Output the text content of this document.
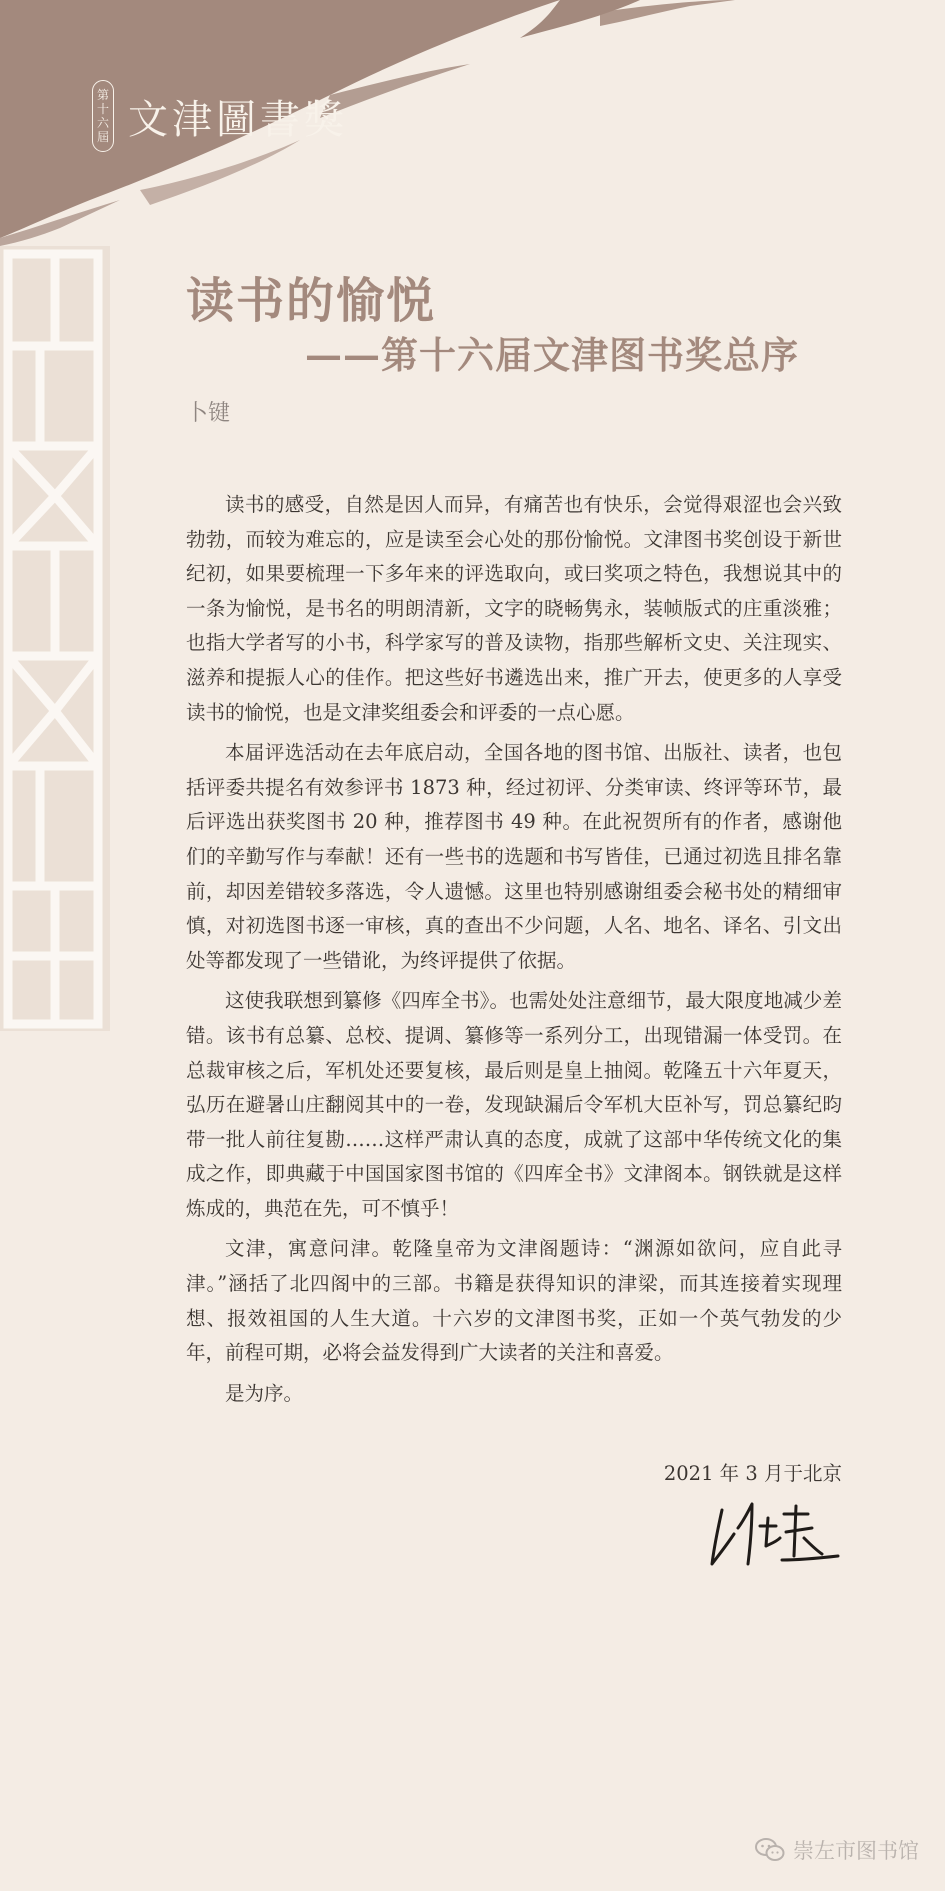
第
十
六
屆 文津圖書獎
读书的愉悦
——第十六届文津图书奖总序
卜键

读书的感受，自然是因人而异，有痛苦也有快乐，会觉得艰涩也会兴致勃勃，而较为难忘的，应是读至会心处的那份愉悦。文津图书奖创设于新世纪初，如果要梳理一下多年来的评选取向，或曰奖项之特色，我想说其中的一条为愉悦，是书名的明朗清新，文字的晓畅隽永，装帧版式的庄重淡雅；也指大学者写的小书，科学家写的普及读物，指那些解析文史、关注现实、滋养和提振人心的佳作。把这些好书遴选出来，推广开去，使更多的人享受读书的愉悦，也是文津奖组委会和评委的一点心愿。

本届评选活动在去年底启动，全国各地的图书馆、出版社、读者，也包括评委共提名有效参评书 1873 种，经过初评、分类审读、终评等环节，最后评选出获奖图书 20 种，推荐图书 49 种。在此祝贺所有的作者，感谢他们的辛勤写作与奉献！还有一些书的选题和书写皆佳，已通过初选且排名靠前，却因差错较多落选，令人遗憾。这里也特别感谢组委会秘书处的精细审慎，对初选图书逐一审核，真的查出不少问题，人名、地名、译名、引文出处等都发现了一些错讹，为终评提供了依据。

这使我联想到纂修《四库全书》。也需处处注意细节，最大限度地减少差错。该书有总纂、总校、提调、纂修等一系列分工，出现错漏一体受罚。在总裁审核之后，军机处还要复核，最后则是皇上抽阅。乾隆五十六年夏天，弘历在避暑山庄翻阅其中的一卷，发现缺漏后令军机大臣补写，罚总纂纪昀带一批人前往复勘……这样严肃认真的态度，成就了这部中华传统文化的集成之作，即典藏于中国国家图书馆的《四库全书》文津阁本。钢铁就是这样炼成的，典范在先，可不慎乎！

文津，寓意问津。乾隆皇帝为文津阁题诗：“渊源如欲问，应自此寻津。”涵括了北四阁中的三部。书籍是获得知识的津梁，而其连接着实现理想、报效祖国的人生大道。十六岁的文津图书奖，正如一个英气勃发的少年，前程可期，必将会益发得到广大读者的关注和喜爱。

是为序。

2021 年 3 月于北京
崇左市图书馆
